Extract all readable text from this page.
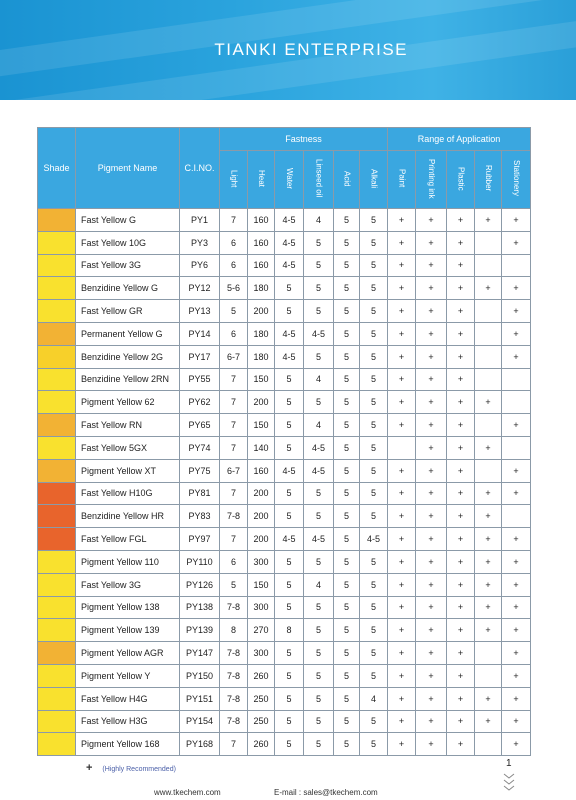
TIANKI ENTERPRISE
Shade	Pigment Name	C.I.NO.	Fastness						Range of Application				
			Light	Heat	Water	Linseed oil	Acid	Alkali	Paint	Printing ink	Plastic	Rubber	Stationery
	Fast Yellow G	PY1	7	160	4-5	4	5	5	+	+	+	+	+
	Fast Yellow 10G	PY3	6	160	4-5	5	5	5	+	+	+		+
	Fast Yellow 3G	PY6	6	160	4-5	5	5	5	+	+	+		
	Benzidine Yellow G	PY12	5-6	180	5	5	5	5	+	+	+	+	+
	Fast Yellow GR	PY13	5	200	5	5	5	5	+	+	+		+
	Permanent Yellow G	PY14	6	180	4-5	4-5	5	5	+	+	+		+
	Benzidine Yellow 2G	PY17	6-7	180	4-5	5	5	5	+	+	+		+
	Benzidine Yellow 2RN	PY55	7	150	5	4	5	5	+	+	+		
	Pigment Yellow 62	PY62	7	200	5	5	5	5	+	+	+	+	
	Fast Yellow RN	PY65	7	150	5	4	5	5	+	+	+		+
	Fast Yellow 5GX	PY74	7	140	5	4-5	5	5		+	+	+	
	Pigment Yellow XT	PY75	6-7	160	4-5	4-5	5	5	+	+	+		+
	Fast Yellow H10G	PY81	7	200	5	5	5	5	+	+	+	+	+
	Benzidine Yellow HR	PY83	7-8	200	5	5	5	5	+	+	+	+	
	Fast Yellow FGL	PY97	7	200	4-5	4-5	5	4-5	+	+	+	+	+
	Pigment Yellow 110	PY110	6	300	5	5	5	5	+	+	+	+	+
	Fast Yellow 3G	PY126	5	150	5	4	5	5	+	+	+	+	+
	Pigment Yellow 138	PY138	7-8	300	5	5	5	5	+	+	+	+	+
	Pigment Yellow 139	PY139	8	270	8	5	5	5	+	+	+	+	+
	Pigment Yellow AGR	PY147	7-8	300	5	5	5	5	+	+	+		+
	Pigment Yellow Y	PY150	7-8	260	5	5	5	5	+	+	+		+
	Fast Yellow H4G	PY151	7-8	250	5	5	5	4	+	+	+	+	+
	Fast Yellow H3G	PY154	7-8	250	5	5	5	5	+	+	+	+	+
	Pigment Yellow 168	PY168	7	260	5	5	5	5	+	+	+		+
+ (Highly Recommended)
www.tkechem.com	E-mail : sales@tkechem.com
1
